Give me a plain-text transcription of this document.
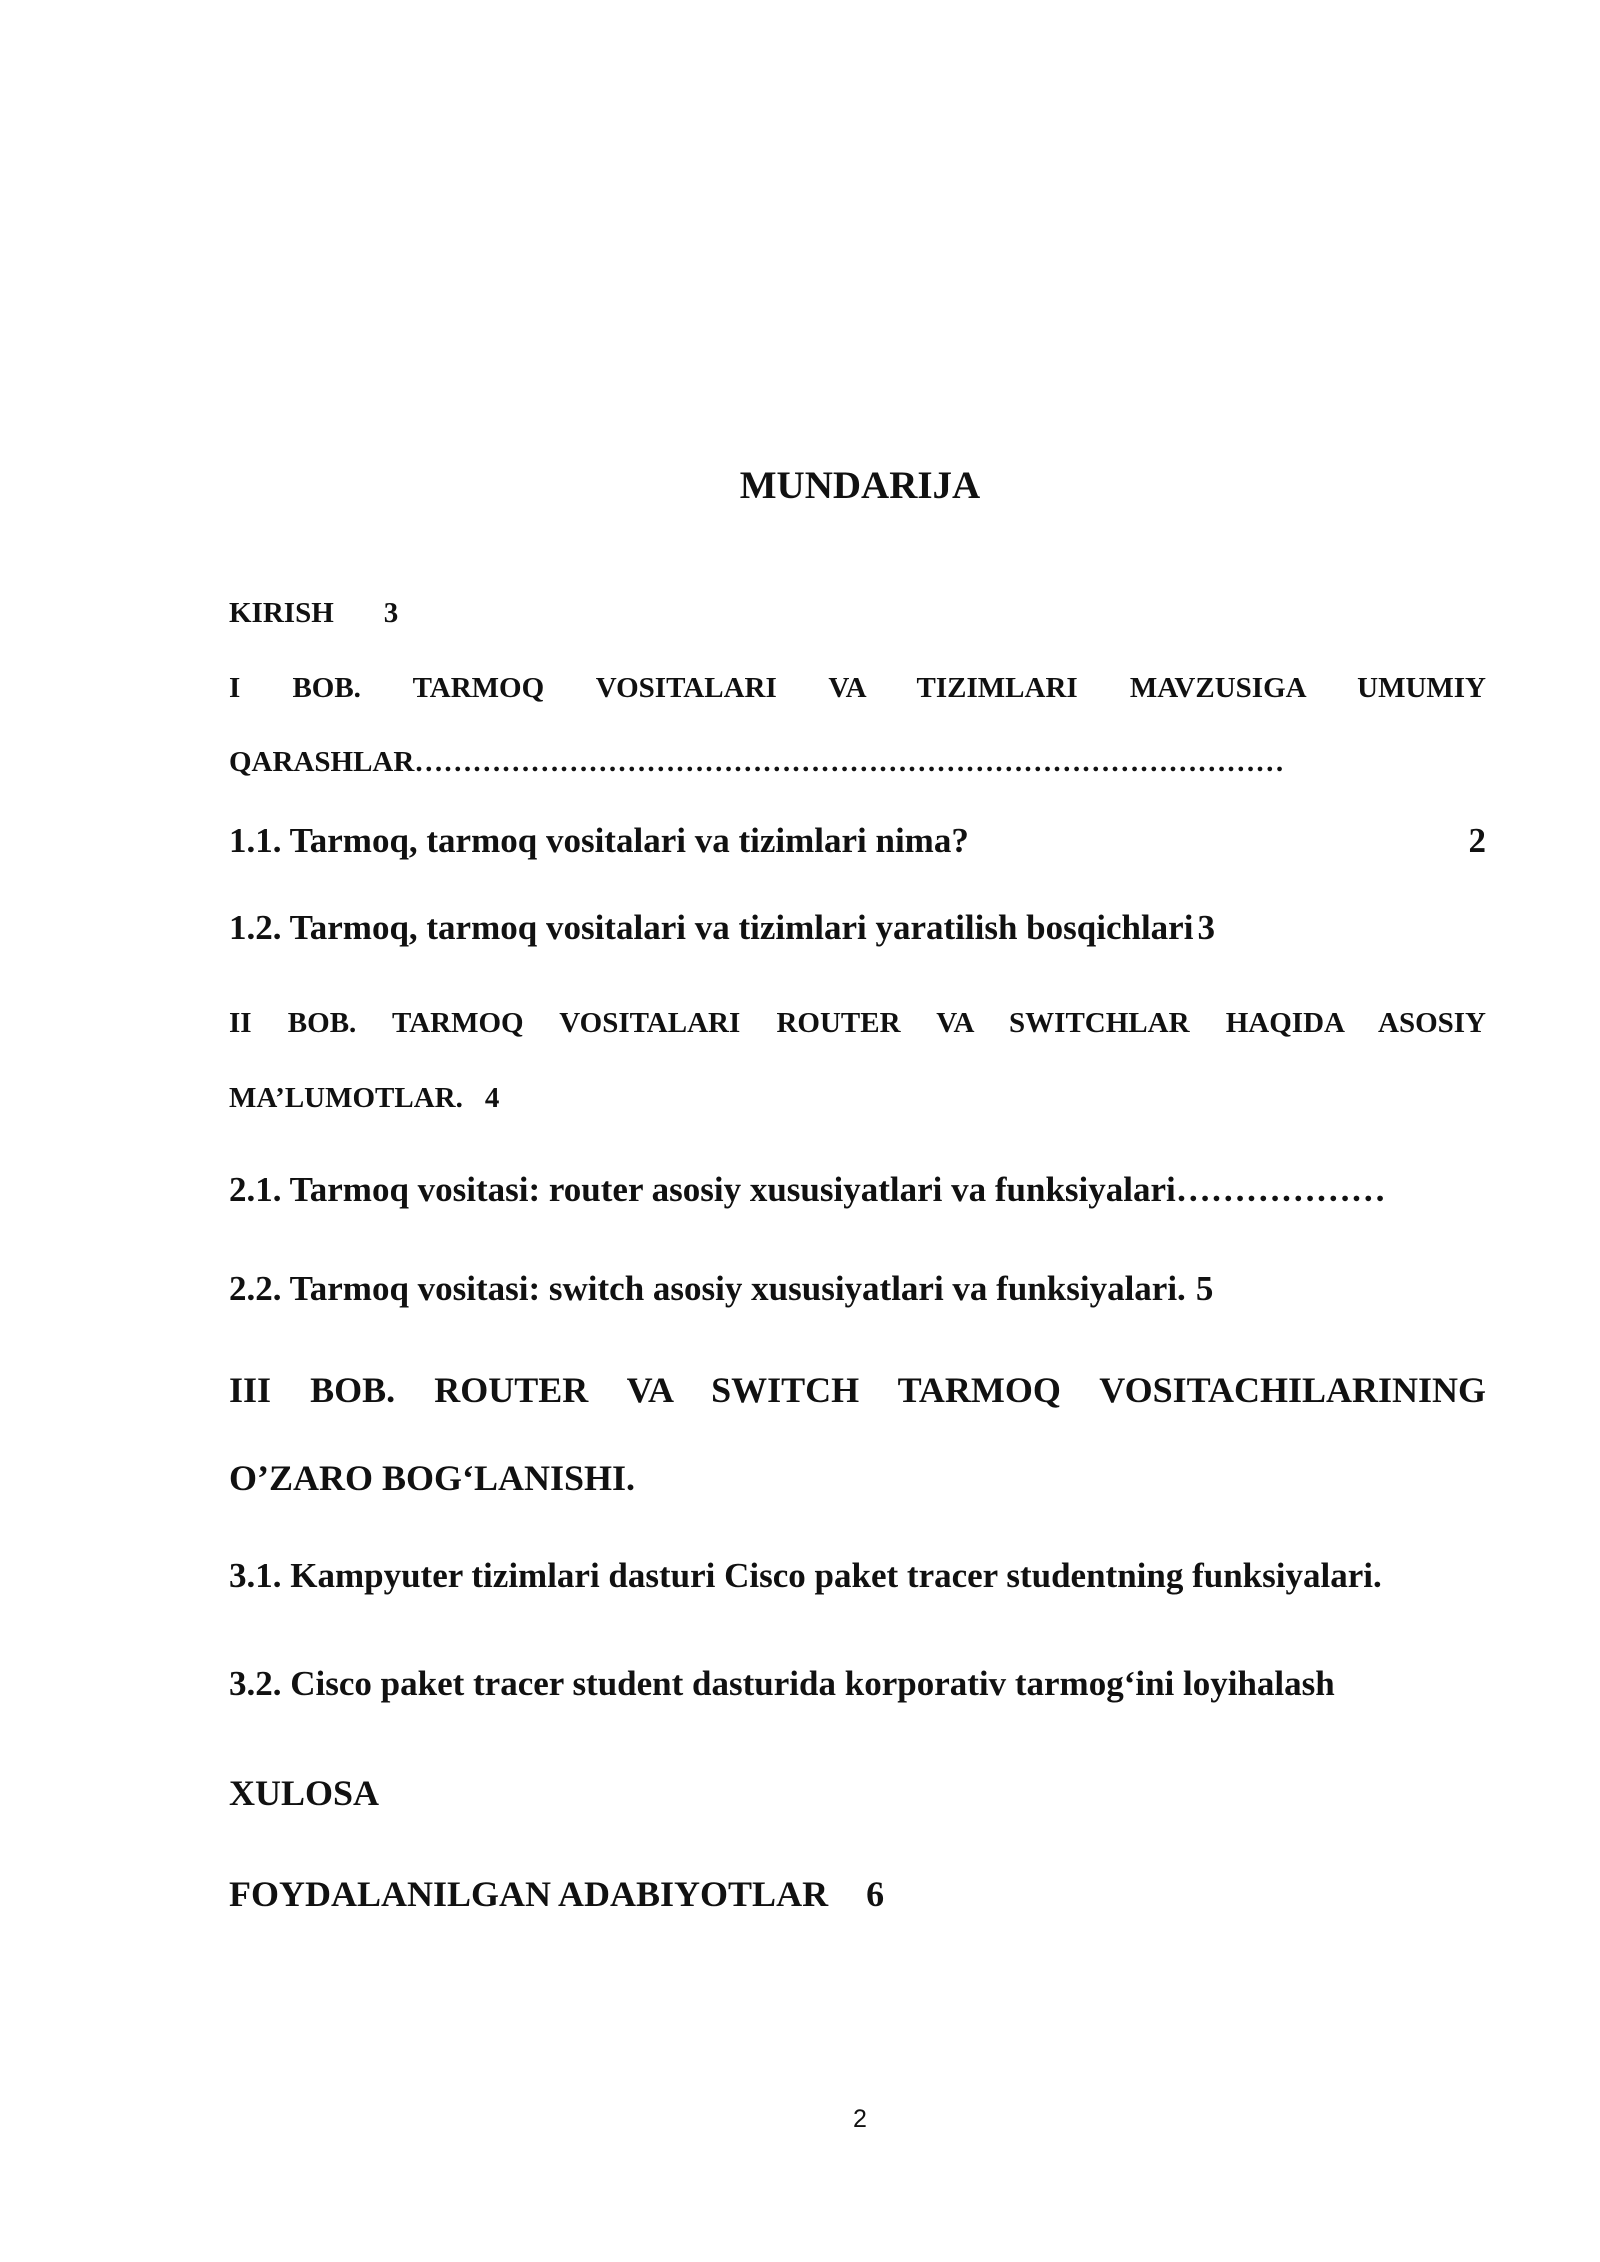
MUNDARIJA
KIRISH 3
I BOB. TARMOQ VOSITALARI VA TIZIMLARI MAVZUSIGA UMUMIY
QARASHLAR………………………………………………………………………………
1.1. Tarmoq, tarmoq vositalari va tizimlari nima?	2
1.2. Tarmoq, tarmoq vositalari va tizimlari yaratilish bosqichlari 3
II BOB. TARMOQ VOSITALARI ROUTER VA SWITCHLAR HAQIDA ASOSIY
MA’LUMOTLAR. 4
2.1. Tarmoq vositasi: router asosiy xususiyatlari va funksiyalari………………
2.2. Tarmoq vositasi: switch asosiy xususiyatlari va funksiyalari. 5
III BOB. ROUTER VA SWITCH TARMOQ VOSITACHILARINING
O’ZARO BOG‘LANISHI.
3.1. Kampyuter tizimlari dasturi Cisco paket tracer studentning funksiyalari.
3.2. Cisco paket tracer student dasturida korporativ tarmog‘ini loyihalash
XULOSA
FOYDALANILGAN ADABIYOTLAR 6
2
